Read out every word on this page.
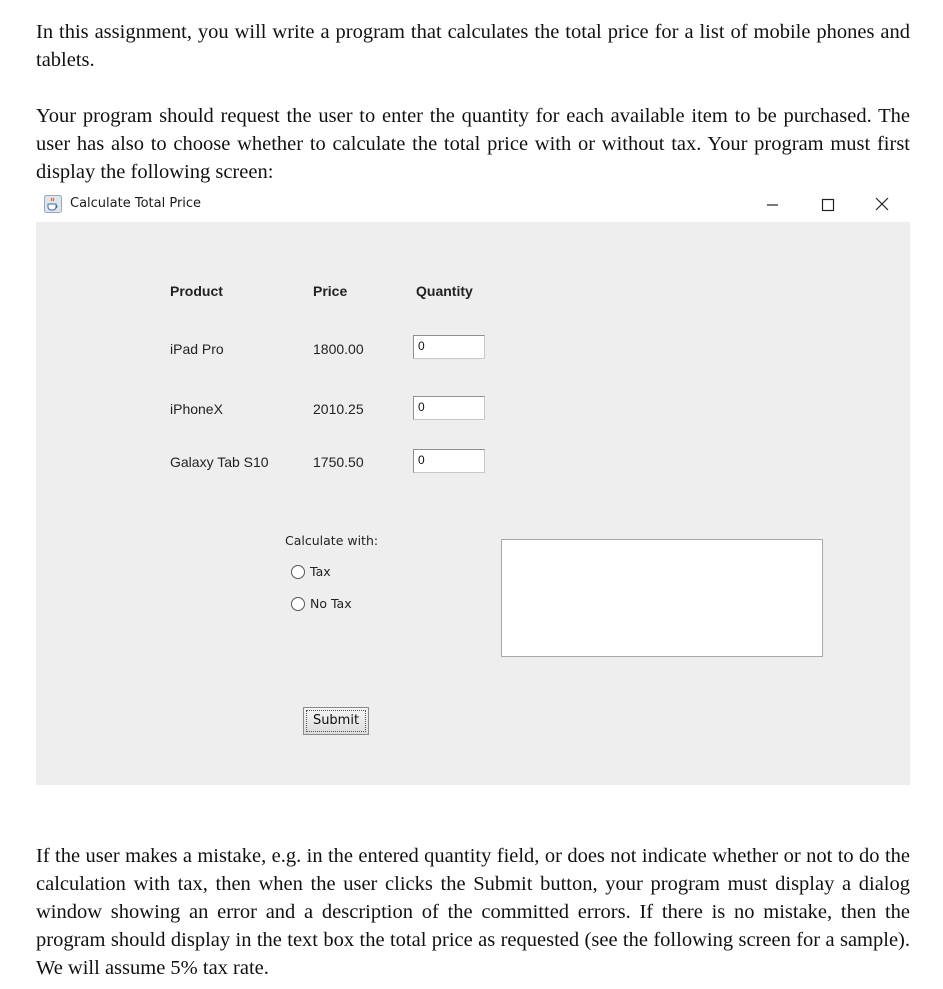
In this assignment, you will write a program that calculates the total price for a list of mobile phones and tablets.

Your program should request the user to enter the quantity for each available item to be purchased. The user has also to choose whether to calculate the total price with or without tax. Your program must first display the following screen:

Calculate Total Price
Product	Price	Quantity
iPad Pro	1800.00	0
iPhoneX	2010.25	0
Galaxy Tab S10	1750.50	0
Calculate with:
Tax
No Tax
Submit

If the user makes a mistake, e.g. in the entered quantity field, or does not indicate whether or not to do the calculation with tax, then when the user clicks the Submit button, your program must display a dialog window showing an error and a description of the committed errors. If there is no mistake, then the program should display in the text box the total price as requested (see the following screen for a sample). We will assume 5% tax rate.
